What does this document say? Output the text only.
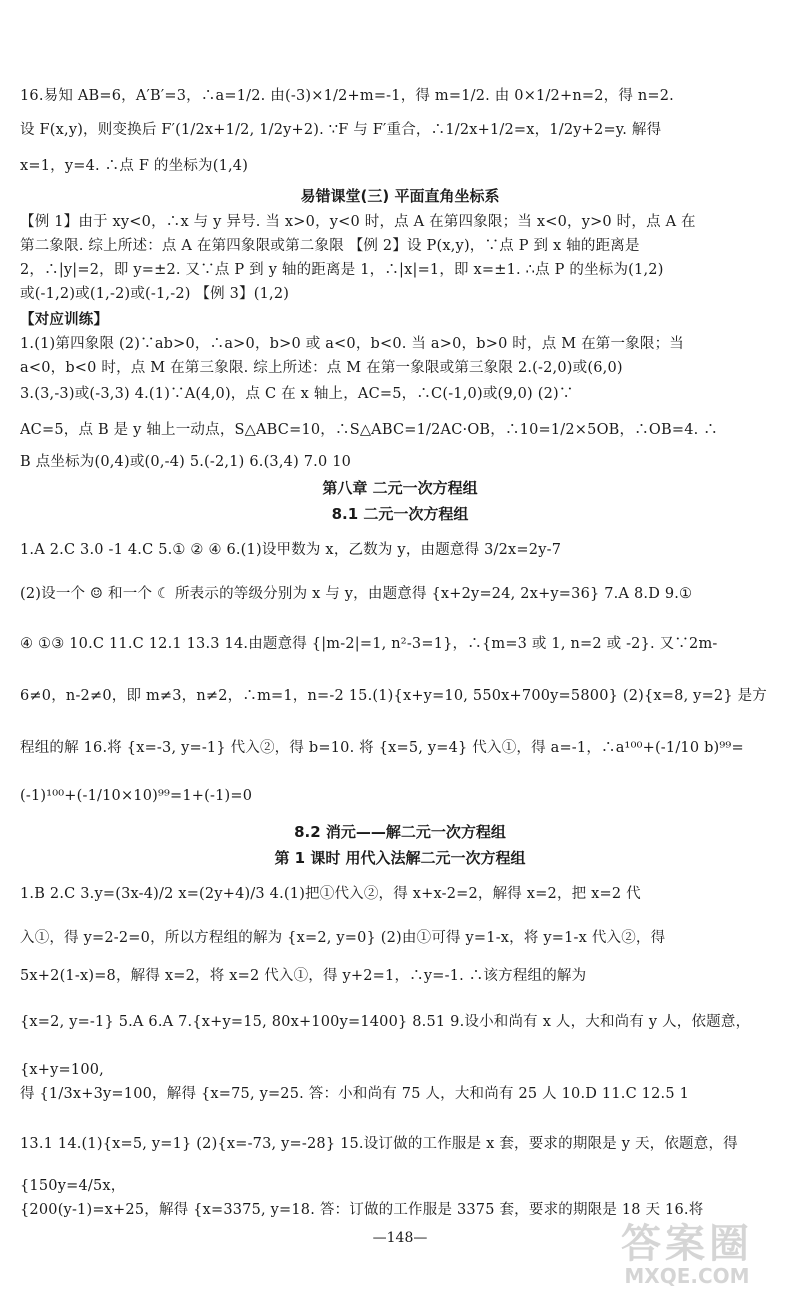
16.易知 AB=6，A′B′=3，∴a=1/2. 由(-3)×1/2+m=-1，得 m=1/2. 由 0×1/2+n=2，得 n=2.
设 F(x,y)，则变换后 F′(1/2x+1/2, 1/2y+2). ∵F 与 F′重合，∴1/2x+1/2=x，1/2y+2=y. 解得
x=1，y=4. ∴点 F 的坐标为(1,4)
易错课堂(三) 平面直角坐标系
【例 1】由于 xy<0，∴x 与 y 异号. 当 x>0，y<0 时，点 A 在第四象限；当 x<0，y>0 时，点 A 在
第二象限. 综上所述：点 A 在第四象限或第二象限 【例 2】设 P(x,y)，∵点 P 到 x 轴的距离是
2，∴|y|=2，即 y=±2. 又∵点 P 到 y 轴的距离是 1，∴|x|=1，即 x=±1. ∴点 P 的坐标为(1,2)
或(-1,2)或(1,-2)或(-1,-2) 【例 3】(1,2)
【对应训练】
1.(1)第四象限 (2)∵ab>0，∴a>0，b>0 或 a<0，b<0. 当 a>0，b>0 时，点 M 在第一象限；当
a<0，b<0 时，点 M 在第三象限. 综上所述：点 M 在第一象限或第三象限 2.(-2,0)或(6,0)
3.(3,-3)或(-3,3) 4.(1)∵A(4,0)，点 C 在 x 轴上，AC=5，∴C(-1,0)或(9,0) (2)∵
AC=5，点 B 是 y 轴上一动点，S△ABC=10，∴S△ABC=1/2AC·OB，∴10=1/2×5OB，∴OB=4. ∴
B 点坐标为(0,4)或(0,-4) 5.(-2,1) 6.(3,4) 7.0 10
第八章 二元一次方程组
8.1 二元一次方程组
1.A 2.C 3.0 -1 4.C 5.① ② ④ 6.(1)设甲数为 x，乙数为 y，由题意得 3/2x=2y-7
(2)设一个 ☺ 和一个 ☾ 所表示的等级分别为 x 与 y，由题意得 {x+2y=24, 2x+y=36} 7.A 8.D 9.①
④ ①③ 10.C 11.C 12.1 13.3 14.由题意得 {|m-2|=1, n²-3=1}，∴{m=3 或 1, n=2 或 -2}. 又∵2m-
6≠0，n-2≠0，即 m≠3，n≠2，∴m=1，n=-2 15.(1){x+y=10, 550x+700y=5800} (2){x=8, y=2} 是方
程组的解 16.将 {x=-3, y=-1} 代入②，得 b=10. 将 {x=5, y=4} 代入①，得 a=-1，∴a¹⁰⁰+(-1/10 b)⁹⁹=
(-1)¹⁰⁰+(-1/10×10)⁹⁹=1+(-1)=0
8.2 消元——解二元一次方程组
第 1 课时 用代入法解二元一次方程组
1.B 2.C 3.y=(3x-4)/2 x=(2y+4)/3 4.(1)把①代入②，得 x+x-2=2，解得 x=2，把 x=2 代
入①，得 y=2-2=0，所以方程组的解为 {x=2, y=0} (2)由①可得 y=1-x，将 y=1-x 代入②，得
5x+2(1-x)=8，解得 x=2，将 x=2 代入①，得 y+2=1，∴y=-1. ∴该方程组的解为
{x=2, y=-1} 5.A 6.A 7.{x+y=15, 80x+100y=1400} 8.51 9.设小和尚有 x 人，大和尚有 y 人，依题意，
{x+y=100,
得 {1/3x+3y=100，解得 {x=75, y=25. 答：小和尚有 75 人，大和尚有 25 人 10.D 11.C 12.5 1
13.1 14.(1){x=5, y=1} (2){x=-73, y=-28} 15.设订做的工作服是 x 套，要求的期限是 y 天，依题意，得
{150y=4/5x，
{200(y-1)=x+25，解得 {x=3375, y=18. 答：订做的工作服是 3375 套，要求的期限是 18 天 16.将
—148—	答案圈
MXQE.COM
